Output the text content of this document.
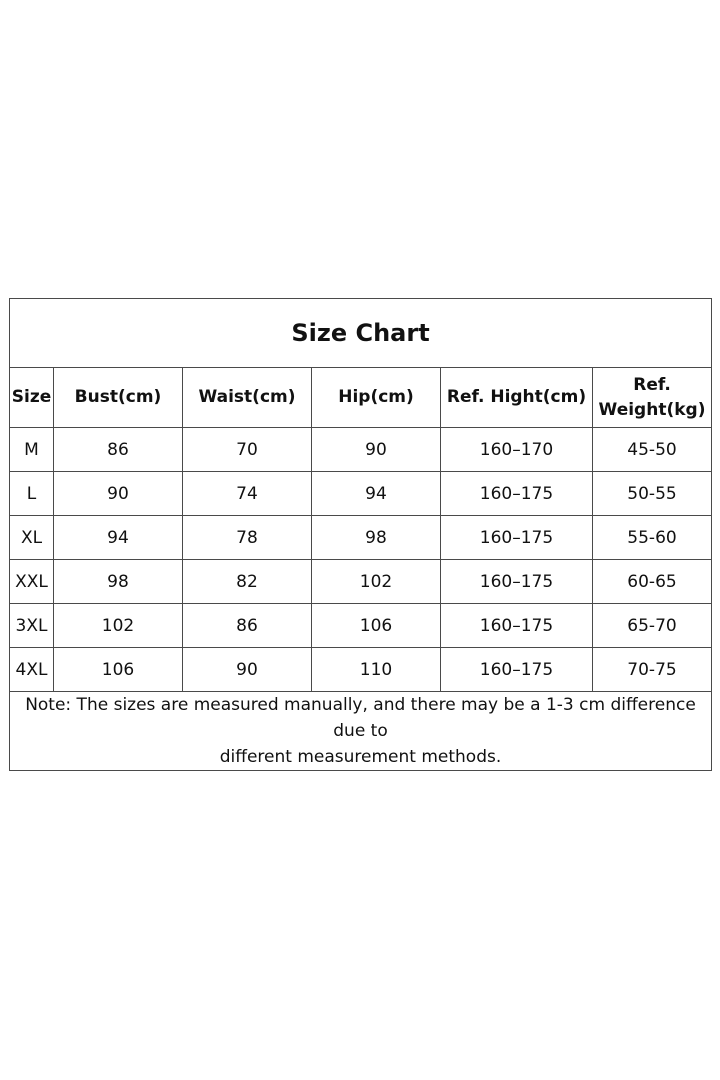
Size Chart					
Size	Bust(cm)	Waist(cm)	Hip(cm)	Ref. Hight(cm)	Ref.
Weight(kg)
M	86	70	90	160–170	45-50
L	90	74	94	160–175	50-55
XL	94	78	98	160–175	55-60
XXL	98	82	102	160–175	60-65
3XL	102	86	106	160–175	65-70
4XL	106	90	110	160–175	70-75

Note: The sizes are measured manually, and there may be a 1-3 cm difference due to
different measurement methods.					
